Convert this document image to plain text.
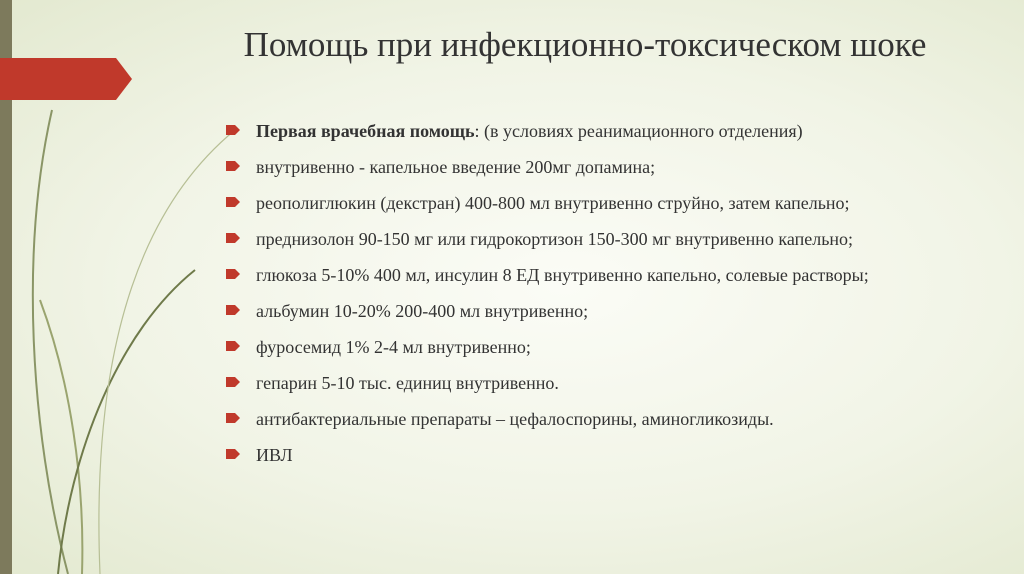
Помощь при инфекционно-токсическом шоке
Первая врачебная помощь: (в условиях реанимационного отделения)
внутривенно - капельное введение 200мг допамина;
реополиглюкин (декстран) 400-800 мл внутривенно струйно, затем капельно;
преднизолон 90-150 мг или гидрокортизон 150-300 мг внутривенно капельно;
глюкоза 5-10% 400 мл, инсулин 8 ЕД внутривенно капельно, солевые растворы;
альбумин 10-20% 200-400 мл внутривенно;
фуросемид 1% 2-4 мл внутривенно;
гепарин 5-10 тыс. единиц внутривенно.
антибактериальные препараты – цефалоспорины, аминогликозиды.
ИВЛ
